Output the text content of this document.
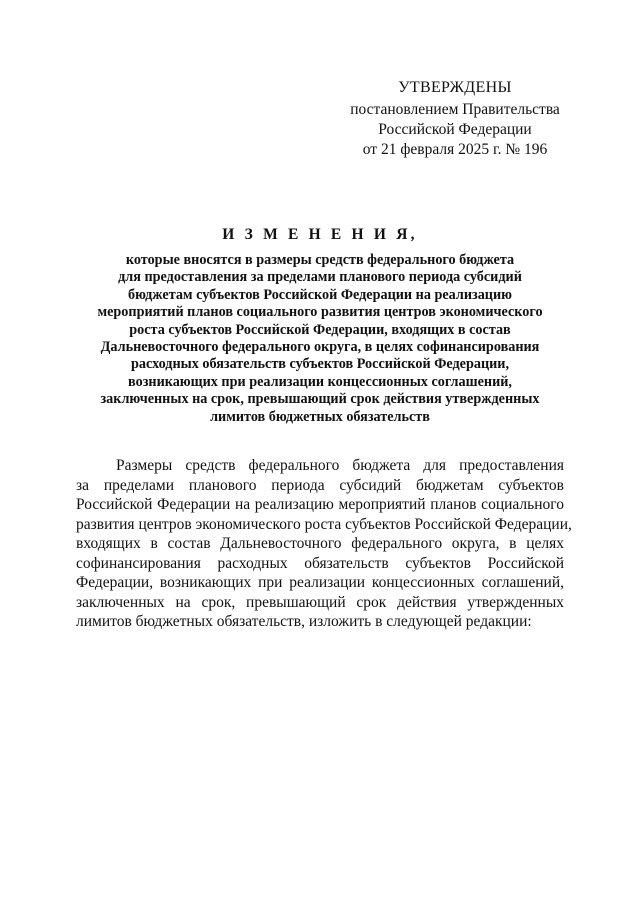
УТВЕРЖДЕНЫ
постановлением Правительства
Российской Федерации
от 21 февраля 2025 г. № 196
И З М Е Н Е Н И Я,
которые вносятся в размеры средств федерального бюджета
для предоставления за пределами планового периода субсидий
бюджетам субъектов Российской Федерации на реализацию
мероприятий планов социального развития центров экономического
роста субъектов Российской Федерации, входящих в состав
Дальневосточного федерального округа, в целях софинансирования
расходных обязательств субъектов Российской Федерации,
возникающих при реализации концессионных соглашений,
заключенных на срок, превышающий срок действия утвержденных
лимитов бюджетных обязательств
Размеры средств федерального бюджета для предоставления
за пределами планового периода субсидий бюджетам субъектов
Российской Федерации на реализацию мероприятий планов социального
развития центров экономического роста субъектов Российской Федерации,
входящих в состав Дальневосточного федерального округа, в целях
софинансирования расходных обязательств субъектов Российской
Федерации, возникающих при реализации концессионных соглашений,
заключенных на срок, превышающий срок действия утвержденных
лимитов бюджетных обязательств, изложить в следующей редакции:
